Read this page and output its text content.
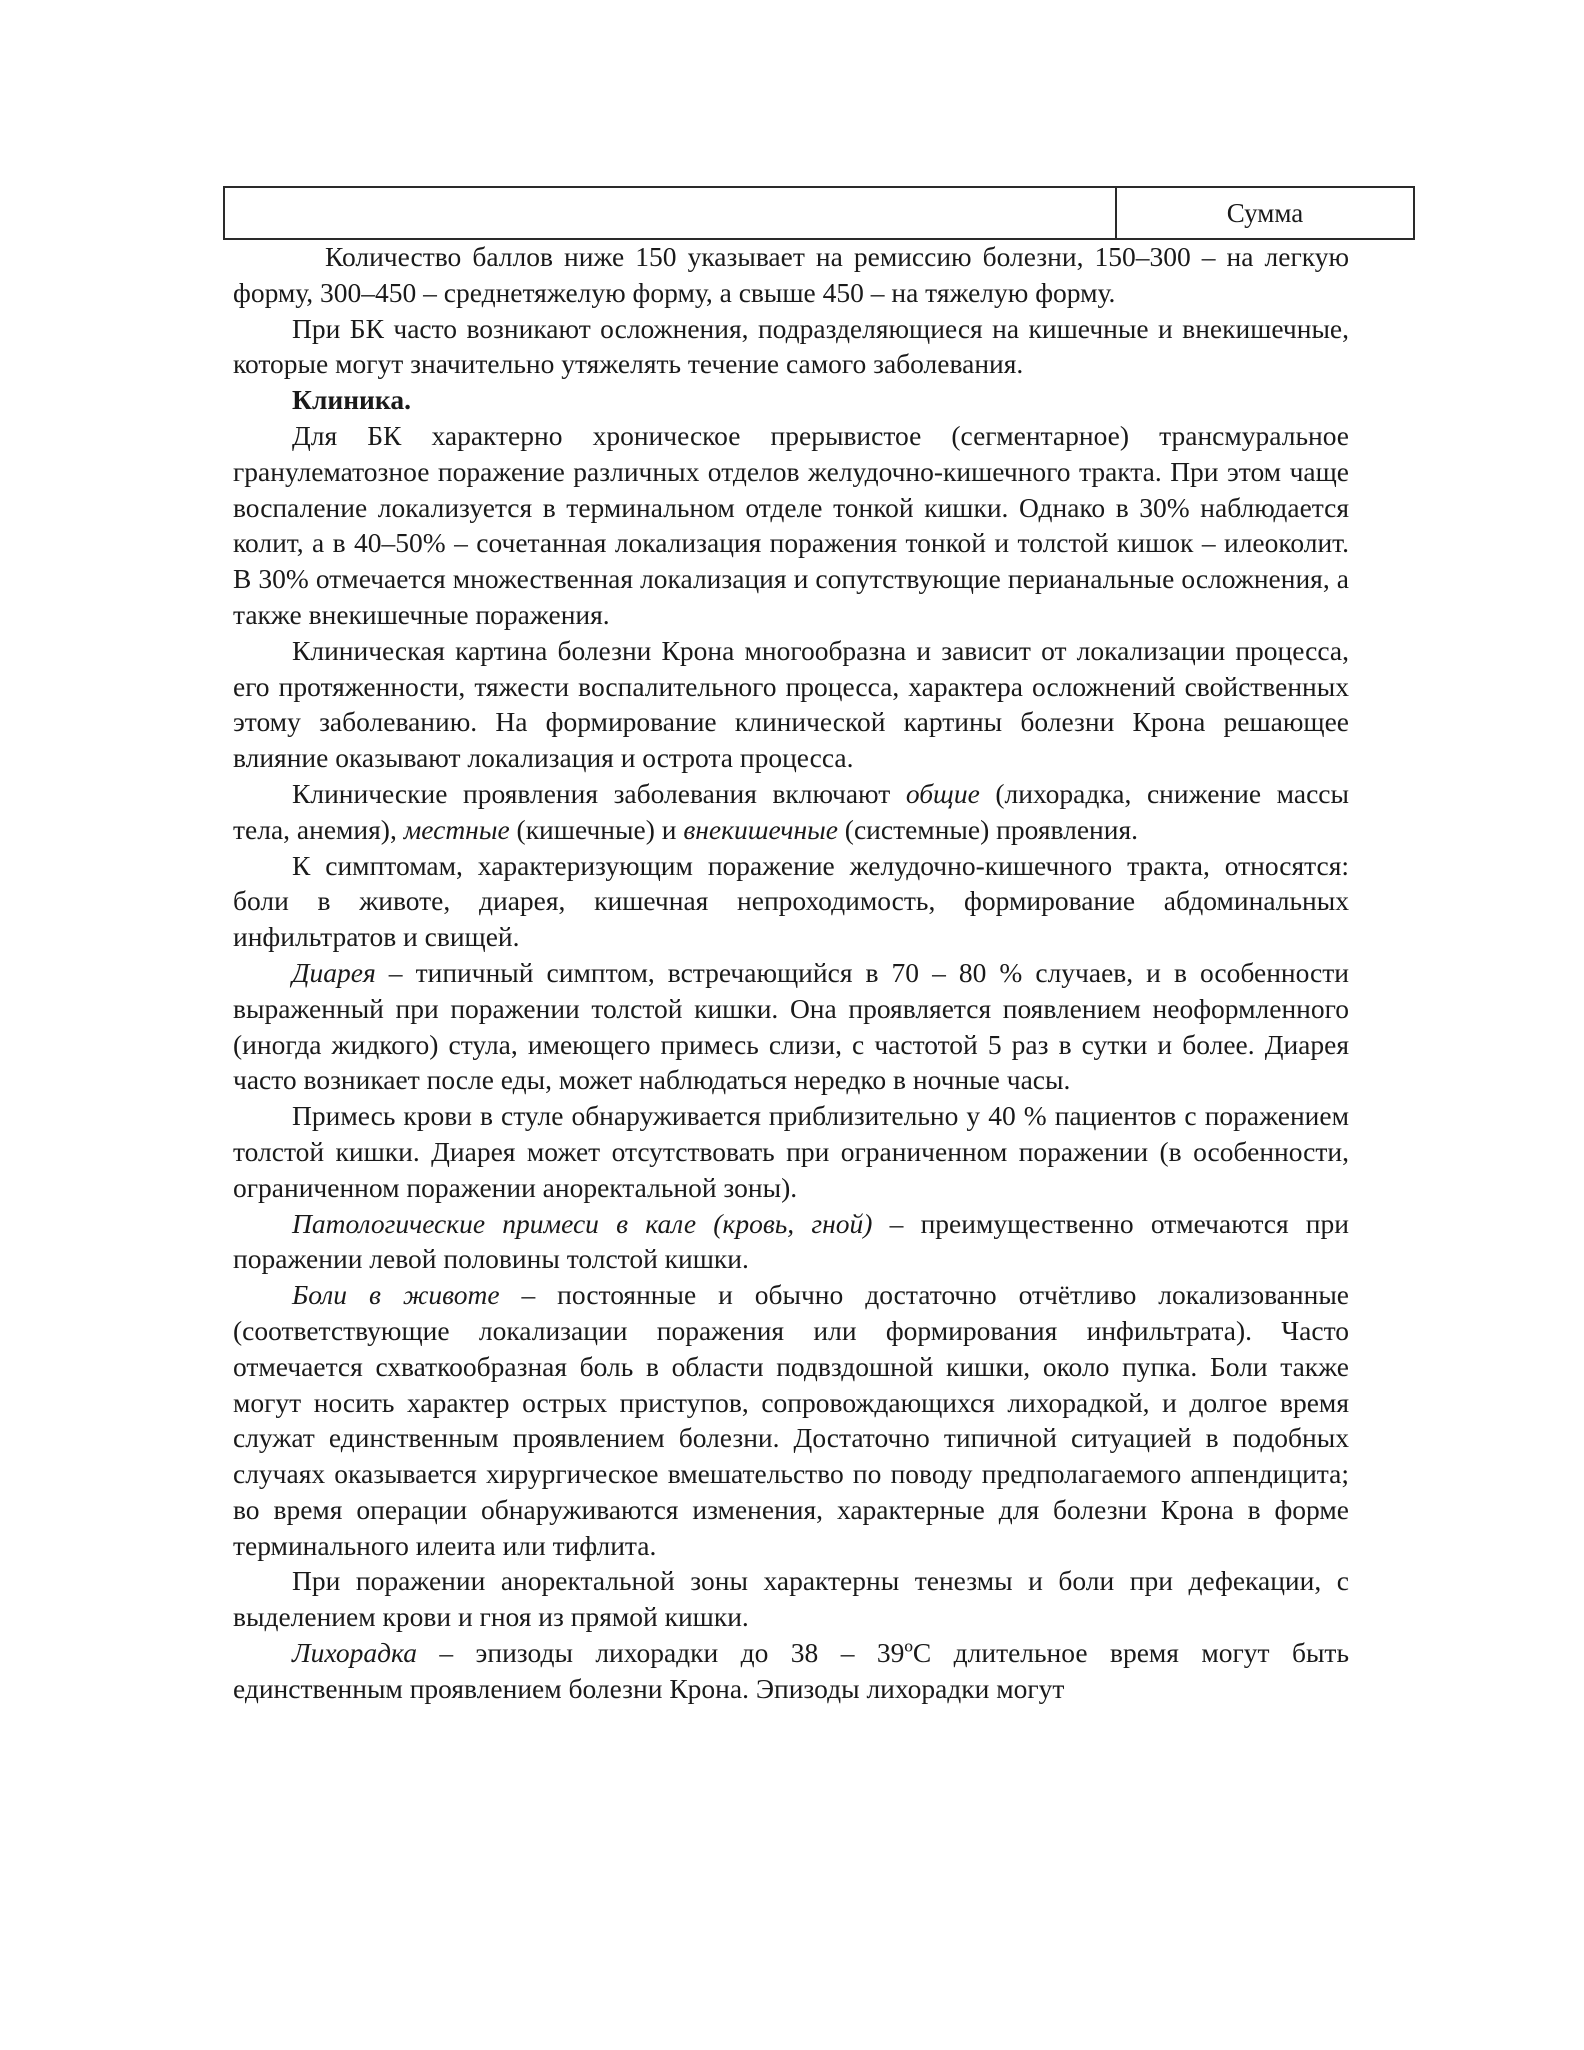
Сумма

Количество баллов ниже 150 указывает на ремиссию болезни, 150–300 – на легкую форму, 300–450 – среднетяжелую форму, а свыше 450 – на тяжелую форму.

При БК часто возникают осложнения, подразделяющиеся на кишечные и внекишечные, которые могут значительно утяжелять течение самого заболевания.

Клиника.

Для БК характерно хроническое прерывистое (сегментарное) трансмуральное гранулематозное поражение различных отделов желудочно-кишечного тракта. При этом чаще воспаление локализуется в терминальном отделе тонкой кишки. Однако в 30% наблюдается колит, а в 40–50% – сочетанная локализация поражения тонкой и толстой кишок – илеоколит. В 30% отмечается множественная локализация и сопутствующие перианальные осложнения, а также внекишечные поражения.

Клиническая картина болезни Крона многообразна и зависит от локализации процесса, его протяженности, тяжести воспалительного процесса, характера осложнений свойственных этому заболеванию. На формирование клинической картины болезни Крона решающее влияние оказывают локализация и острота процесса.

Клинические проявления заболевания включают общие (лихорадка, снижение массы тела, анемия), местные (кишечные) и внекишечные (системные) проявления.

К симптомам, характеризующим поражение желудочно-кишечного тракта, относятся: боли в животе, диарея, кишечная непроходимость, формирование абдоминальных инфильтратов и свищей.

Диарея – типичный симптом, встречающийся в 70 – 80 % случаев, и в особенности выраженный при поражении толстой кишки. Она проявляется появлением неоформленного (иногда жидкого) стула, имеющего примесь слизи, с частотой 5 раз в сутки и более. Диарея часто возникает после еды, может наблюдаться нередко в ночные часы.

Примесь крови в стуле обнаруживается приблизительно у 40 % пациентов с поражением толстой кишки. Диарея может отсутствовать при ограниченном поражении (в особенности, ограниченном поражении аноректальной зоны).

Патологические примеси в кале (кровь, гной) – преимущественно отмечаются при поражении левой половины толстой кишки.

Боли в животе – постоянные и обычно достаточно отчётливо локализованные (соответствующие локализации поражения или формирования инфильтрата). Часто отмечается схваткообразная боль в области подвздошной кишки, около пупка. Боли также могут носить характер острых приступов, сопровождающихся лихорадкой, и долгое время служат единственным проявлением болезни. Достаточно типичной ситуацией в подобных случаях оказывается хирургическое вмешательство по поводу предполагаемого аппендицита; во время операции обнаруживаются изменения, характерные для болезни Крона в форме терминального илеита или тифлита.

При поражении аноректальной зоны характерны тенезмы и боли при дефекации, с выделением крови и гноя из прямой кишки.

Лихорадка – эпизоды лихорадки до 38 – 39ºС длительное время могут быть единственным проявлением болезни Крона. Эпизоды лихорадки могут
